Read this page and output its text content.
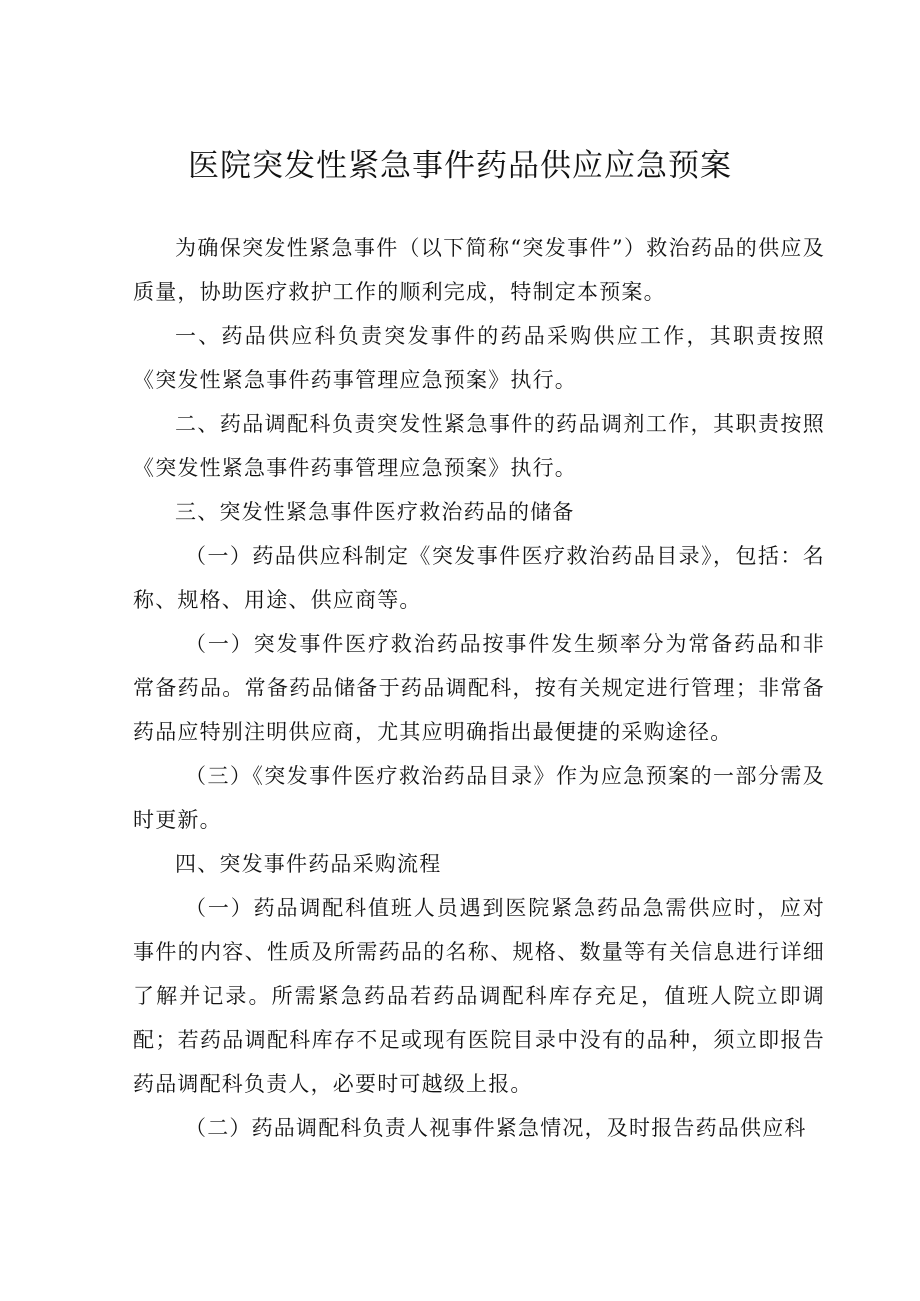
医院突发性紧急事件药品供应应急预案

为确保突发性紧急事件（以下简称“突发事件”）救治药品的供应及质量，协助医疗救护工作的顺利完成，特制定本预案。

一、药品供应科负责突发事件的药品采购供应工作，其职责按照《突发性紧急事件药事管理应急预案》执行。

二、药品调配科负责突发性紧急事件的药品调剂工作，其职责按照《突发性紧急事件药事管理应急预案》执行。

三、突发性紧急事件医疗救治药品的储备

（一）药品供应科制定《突发事件医疗救治药品目录》，包括：名称、规格、用途、供应商等。

（一）突发事件医疗救治药品按事件发生频率分为常备药品和非常备药品。常备药品储备于药品调配科，按有关规定进行管理；非常备药品应特别注明供应商，尤其应明确指出最便捷的采购途径。

（三）《突发事件医疗救治药品目录》作为应急预案的一部分需及时更新。

四、突发事件药品采购流程

（一）药品调配科值班人员遇到医院紧急药品急需供应时，应对事件的内容、性质及所需药品的名称、规格、数量等有关信息进行详细了解并记录。所需紧急药品若药品调配科库存充足，值班人院立即调配；若药品调配科库存不足或现有医院目录中没有的品种，须立即报告药品调配科负责人，必要时可越级上报。

（二）药品调配科负责人视事件紧急情况，及时报告药品供应科
